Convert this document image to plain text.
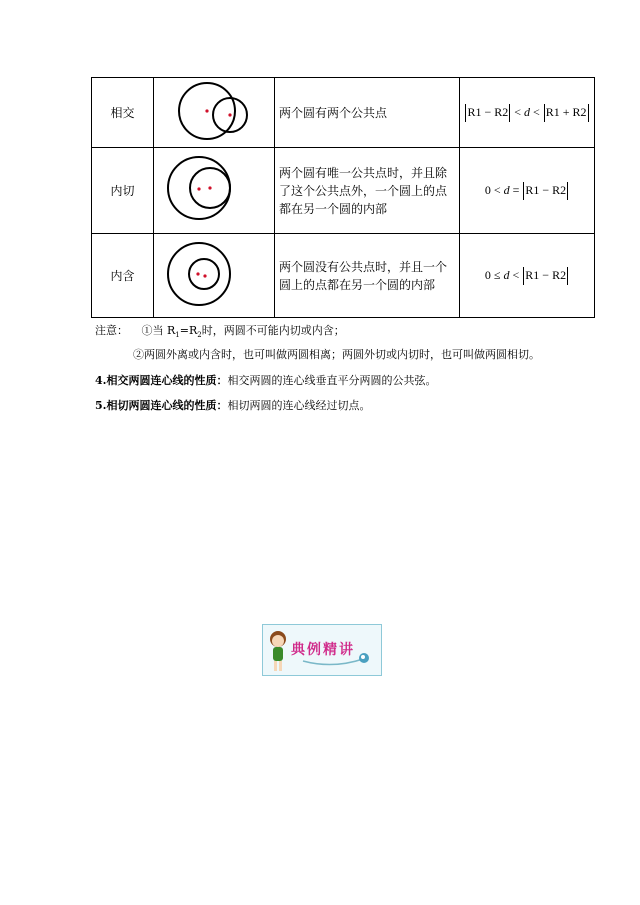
相交		两个圆有两个公共点	R1 − R2 < d < R1 + R2
内切		两个圆有唯一公共点时，并且除了这个公共点外，一个圆上的点都在另一个圆的内部	0 < d = R1 − R2
内含		两个圆没有公共点时，并且一个圆上的点都在另一个圆的内部	0 ≤ d < R1 − R2
注意： ①当 $R_1=R_2$时，两圆不可能内切或内含；
②两圆外离或内含时，也可叫做两圆相离；两圆外切或内切时，也可叫做两圆相切。
4.相交两圆连心线的性质：相交两圆的连心线垂直平分两圆的公共弦。
5.相切两圆连心线的性质：相切两圆的连心线经过切点。
典例精讲
